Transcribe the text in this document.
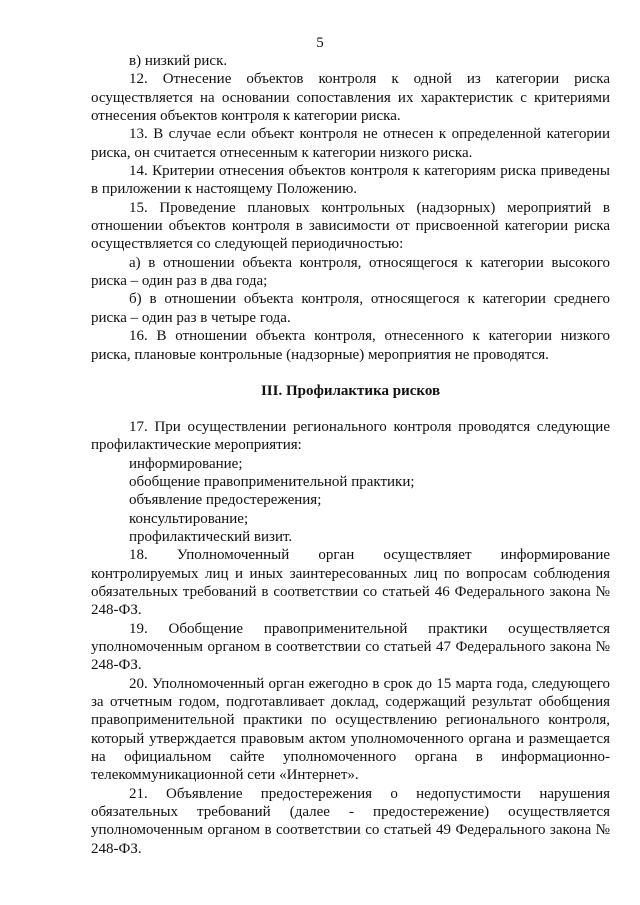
5

в) низкий риск.

12. Отнесение объектов контроля к одной из категории риска осуществляется на основании сопоставления их характеристик с критериями отнесения объектов контроля к категории риска.

13. В случае если объект контроля не отнесен к определенной категории риска, он считается отнесенным к категории низкого риска.

14. Критерии отнесения объектов контроля к категориям риска приведены в приложении к настоящему Положению.

15. Проведение плановых контрольных (надзорных) мероприятий в отношении объектов контроля в зависимости от присвоенной категории риска осуществляется со следующей периодичностью:

а) в отношении объекта контроля, относящегося к категории высокого риска – один раз в два года;

б) в отношении объекта контроля, относящегося к категории среднего риска – один раз в четыре года.

16. В отношении объекта контроля, отнесенного к категории низкого риска, плановые контрольные (надзорные) мероприятия не проводятся.

III. Профилактика рисков

17. При осуществлении регионального контроля проводятся следующие профилактические мероприятия:

информирование;

обобщение правоприменительной практики;

объявление предостережения;

консультирование;

профилактический визит.

18. Уполномоченный орган осуществляет информирование контролируемых лиц и иных заинтересованных лиц по вопросам соблюдения обязательных требований в соответствии со статьей 46 Федерального закона № 248-ФЗ.

19. Обобщение правоприменительной практики осуществляется уполномоченным органом в соответствии со статьей 47 Федерального закона № 248-ФЗ.

20. Уполномоченный орган ежегодно в срок до 15 марта года, следующего за отчетным годом, подготавливает доклад, содержащий результат обобщения правоприменительной практики по осуществлению регионального контроля, который утверждается правовым актом уполномоченного органа и размещается на официальном сайте уполномоченного органа в информационно-телекоммуникационной сети «Интернет».

21. Объявление предостережения о недопустимости нарушения обязательных требований (далее - предостережение) осуществляется уполномоченным органом в соответствии со статьей 49 Федерального закона № 248-ФЗ.
